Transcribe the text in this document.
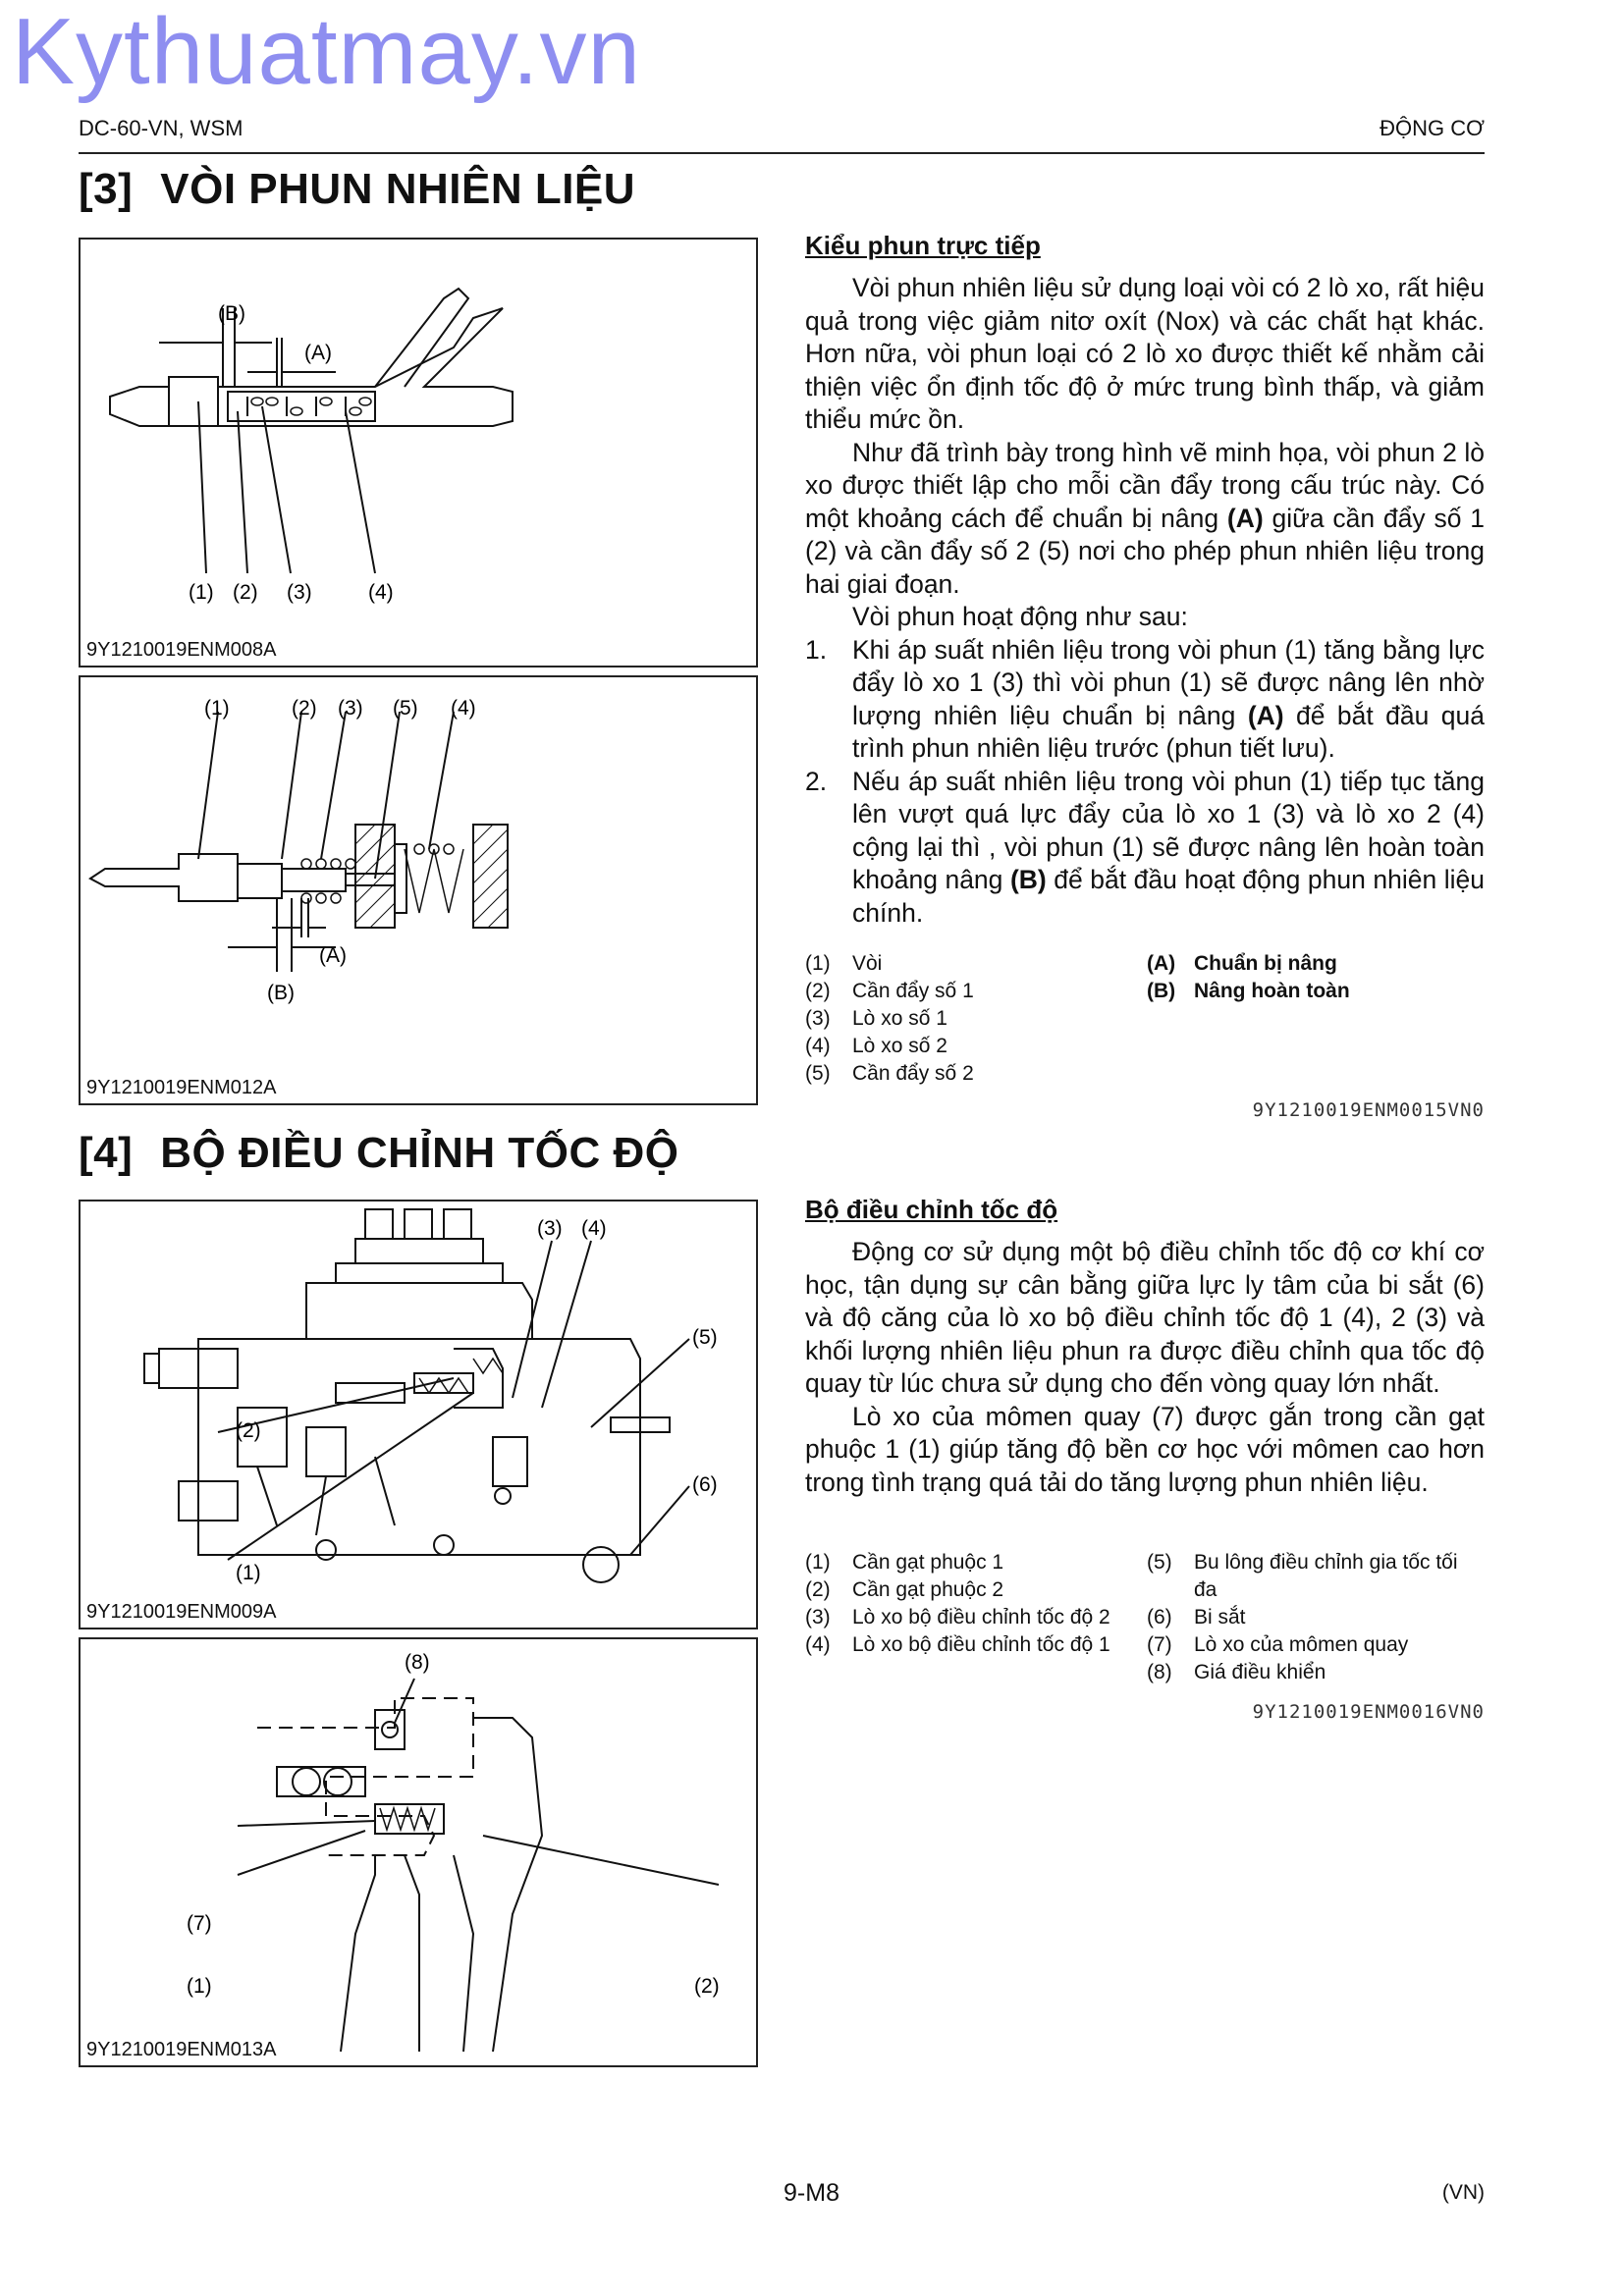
Kythuatmay.vn
DC-60-VN, WSM	ĐỘNG CƠ
[3] VÒI PHUN NHIÊN LIỆU
(B)
(A)
(1) (2) (3)	(4)
9Y1210019ENM008A
(1)	(2) (3) (5) (4)
(A)
(B)
9Y1210019ENM012A
Kiểu phun trực tiếp

Vòi phun nhiên liệu sử dụng loại vòi có 2 lò xo, rất hiệu quả trong việc giảm nitơ oxít (Nox) và các chất hạt khác. Hơn nữa, vòi phun loại có 2 lò xo được thiết kế nhằm cải thiện việc ổn định tốc độ ở mức trung bình thấp, và giảm thiểu mức ồn.

Như đã trình bày trong hình vẽ minh họa, vòi phun 2 lò xo được thiết lập cho mỗi cần đẩy trong cấu trúc này. Có một khoảng cách để chuẩn bị nâng (A) giữa cần đẩy số 1 (2) và cần đẩy số 2 (5) nơi cho phép phun nhiên liệu trong hai giai đoạn.

Vòi phun hoạt động như sau:

1. Khi áp suất nhiên liệu trong vòi phun (1) tăng bằng lực đẩy lò xo 1 (3) thì vòi phun (1) sẽ được nâng lên nhờ lượng nhiên liệu chuẩn bị nâng (A) để bắt đầu quá trình phun nhiên liệu trước (phun tiết lưu).
2. Nếu áp suất nhiên liệu trong vòi phun (1) tiếp tục tăng lên vượt quá lực đẩy của lò xo 1 (3) và lò xo 2 (4) cộng lại thì , vòi phun (1) sẽ được nâng lên hoàn toàn khoảng nâng (B) để bắt đầu hoạt động phun nhiên liệu chính.
(1)	Vòi
(2)	Cần đẩy số 1
(3)	Lò xo số 1
(4)	Lò xo số 2
(5)	Cần đẩy số 2
(A) Chuẩn bị nâng
(B) Nâng hoàn toàn
9Y1210019ENM0015VN0
[4] BỘ ĐIỀU CHỈNH TỐC ĐỘ
(3) (4)
(5)
(2)
(6)
(1)
9Y1210019ENM009A
(8)
(7)
(1)	(2)
9Y1210019ENM013A
Bộ điều chỉnh tốc độ

Động cơ sử dụng một bộ điều chỉnh tốc độ cơ khí cơ học, tận dụng sự cân bằng giữa lực ly tâm của bi sắt (6) và độ căng của lò xo bộ điều chỉnh tốc độ 1 (4), 2 (3) và khối lượng nhiên liệu phun ra được điều chỉnh qua tốc độ quay từ lúc chưa sử dụng cho đến vòng quay lớn nhất.

Lò xo của mômen quay (7) được gắn trong cần gạt phuộc 1 (1) giúp tăng độ bền cơ học với mômen cao hơn trong tình trạng quá tải do tăng lượng phun nhiên liệu.

(1)	Cần gạt phuộc 1
(2)	Cần gạt phuộc 2
(3)	Lò xo bộ điều chỉnh tốc độ 2
(4)	Lò xo bộ điều chỉnh tốc độ 1
(5)	Bu lông điều chỉnh gia tốc tối đa
(6)	Bi sắt
(7)	Lò xo của mômen quay
(8)	Giá điều khiển
9Y1210019ENM0016VN0
9-M8	(VN)
